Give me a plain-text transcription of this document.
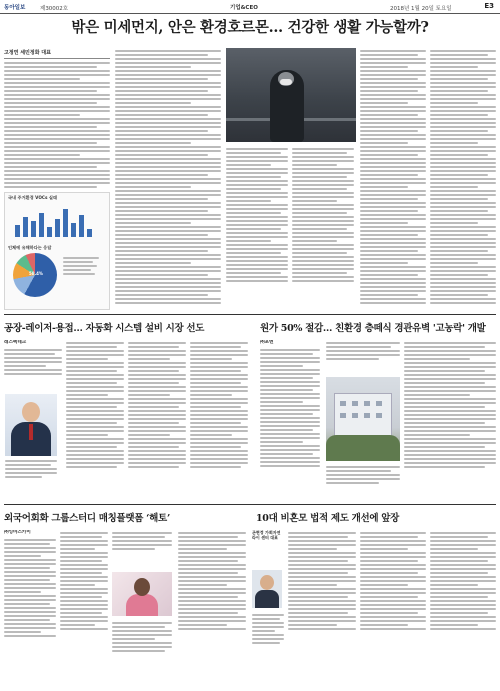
동아일보	제30002호	기업&CEO	2018년 1월 20일 토요일	E3
밖은 미세먼지, 안은 환경호르몬… 건강한 생활 가능할까?
고정연 세민정화 대표
국내 주거환경 VOCs 실태
인체에 유해하다는 응답
58.4%
공장-레이저-용접… 자동화 시스템 설비 시장 선도
레스펙테크
원가 50% 절감… 친환경 층떼식 경관유벽 '고농락' 개발
㈜포엔
외국어회화 그룹스터디 매칭플랫폼 ‘해토’
㈜잉마스카이
10대 비혼모 법적 제도 개선에 앞장
곤현정 가회자연라이 센터 대표
